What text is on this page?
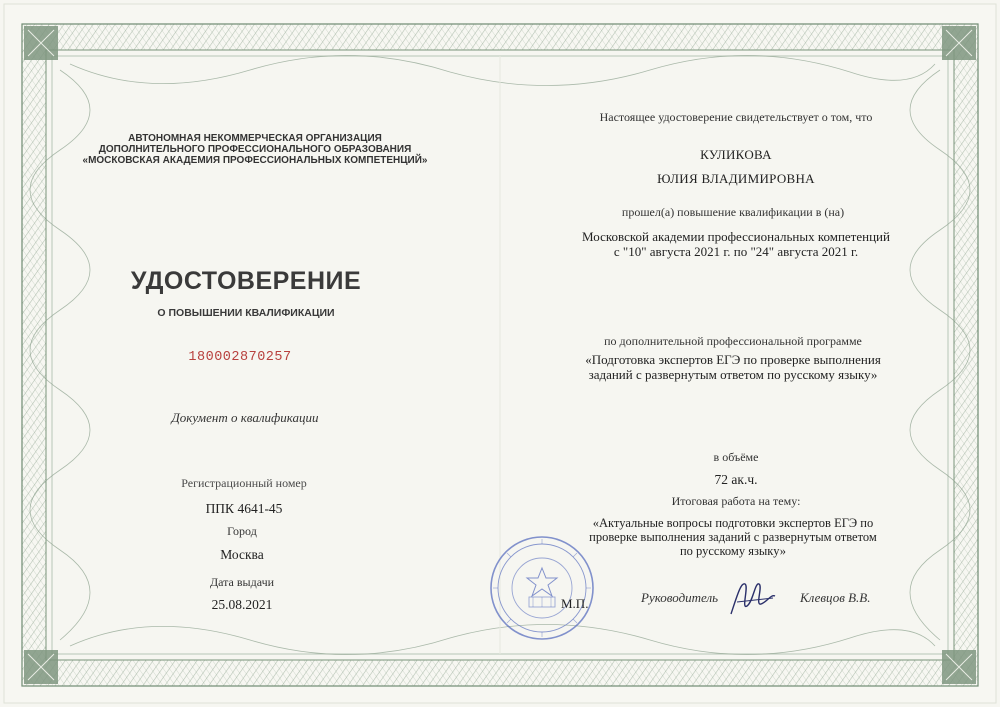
АВТОНОМНАЯ НЕКОММЕРЧЕСКАЯ ОРГАНИЗАЦИЯ
ДОПОЛНИТЕЛЬНОГО ПРОФЕССИОНАЛЬНОГО ОБРАЗОВАНИЯ
«МОСКОВСКАЯ АКАДЕМИЯ ПРОФЕССИОНАЛЬНЫХ КОМПЕТЕНЦИЙ»
УДОСТОВЕРЕНИЕ
О ПОВЫШЕНИИ КВАЛИФИКАЦИИ
180002870257
Документ о квалификации
Регистрационный номер
ППК 4641-45
Город
Москва
Дата выдачи
25.08.2021
Настоящее удостоверение свидетельствует о том, что
КУЛИКОВА
ЮЛИЯ ВЛАДИМИРОВНА
прошел(а) повышение квалификации в (на)
Московской академии профессиональных компетенций
с "10" августа 2021 г. по "24" августа 2021 г.
по дополнительной профессиональной программе
«Подготовка экспертов ЕГЭ по проверке выполнения
заданий с развернутым ответом по русскому языку»
в объёме
72 ак.ч.
Итоговая работа на тему:
«Актуальные вопросы подготовки экспертов ЕГЭ по
проверке выполнения заданий с развернутым ответом
по русскому языку»
М.П.	Руководитель	Клевцов В.В.
